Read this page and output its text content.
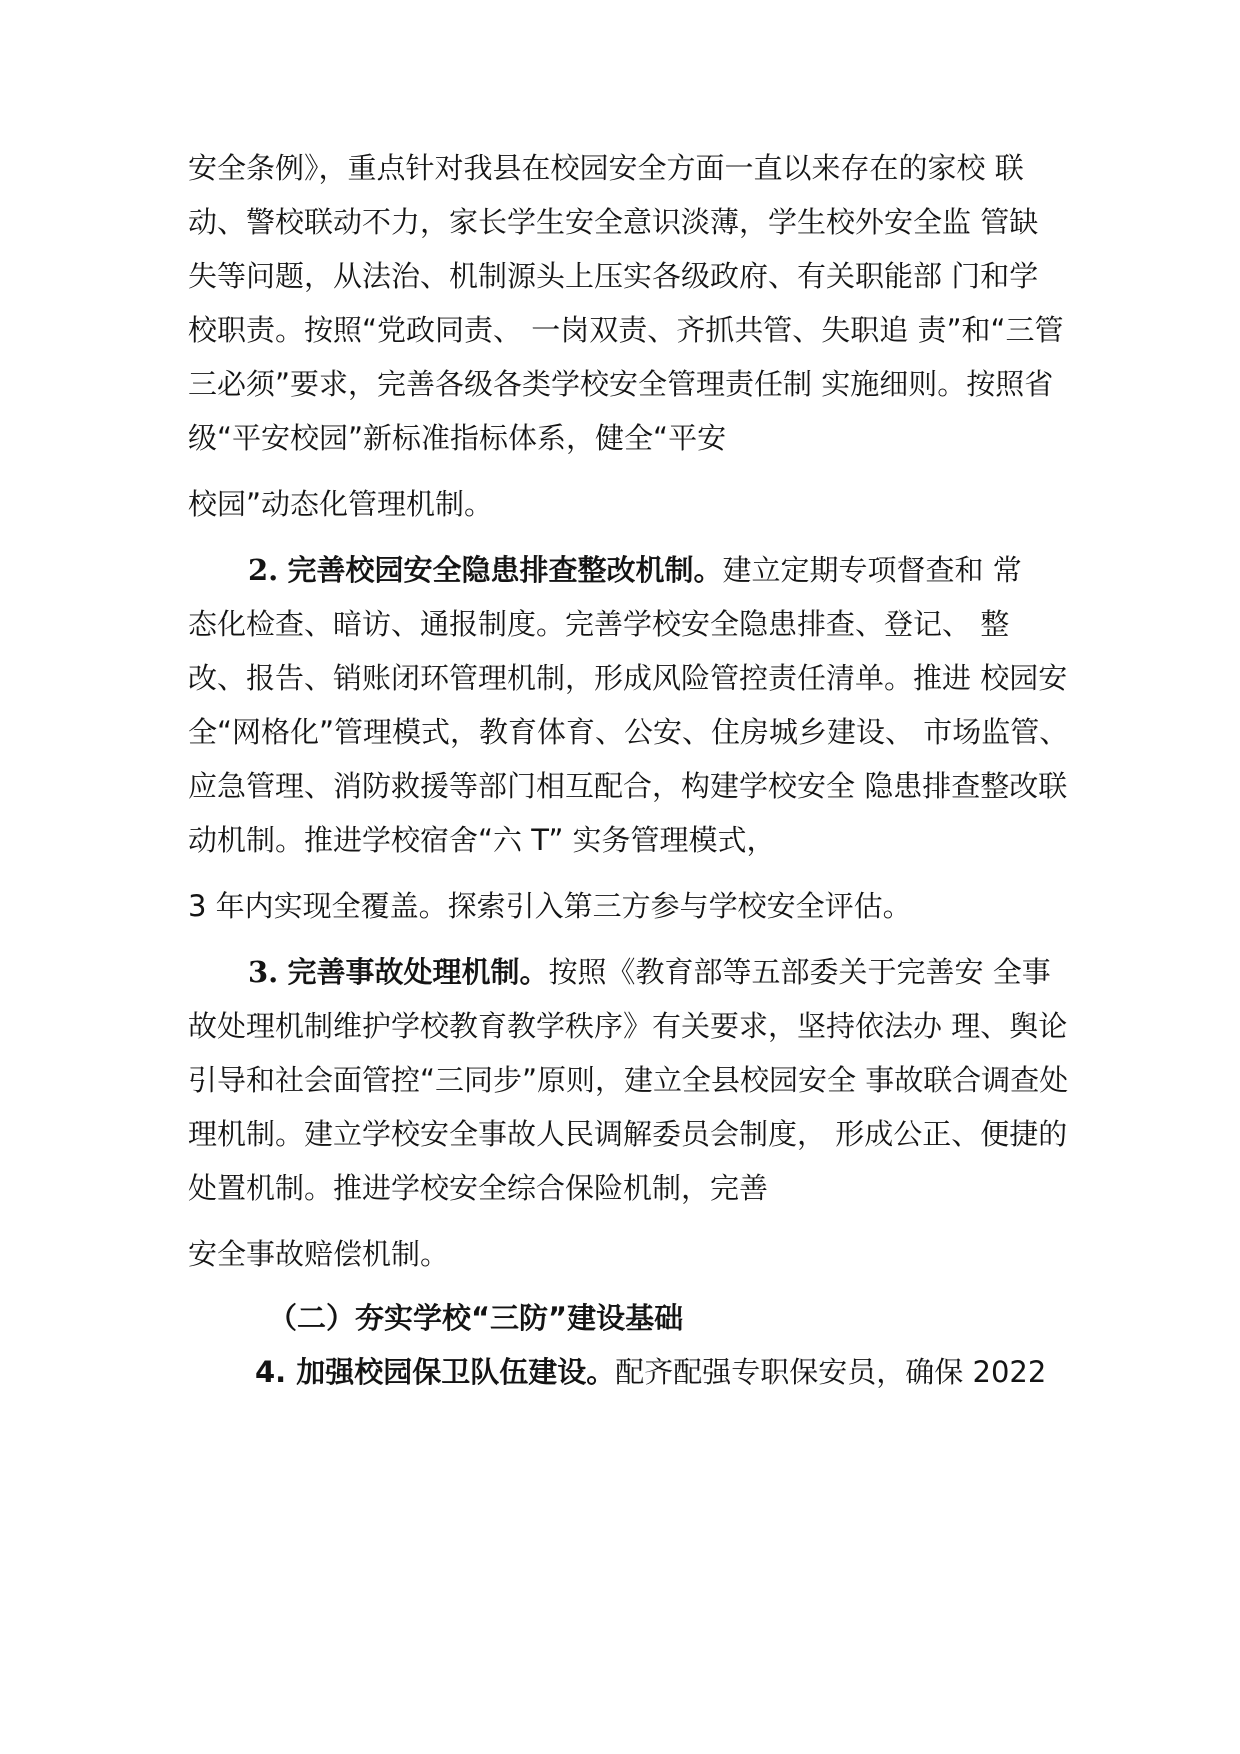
安全条例》，重点针对我县在校园安全方面一直以来存在的家校 联
动、警校联动不力，家长学生安全意识淡薄，学生校外安全监 管缺
失等问题，从法治、机制源头上压实各级政府、有关职能部 门和学
校职责。按照“党政同责、 一岗双责、齐抓共管、失职追 责”和“三管
三必须”要求，完善各级各类学校安全管理责任制 实施细则。按照省
级“平安校园”新标准指标体系，健全“平安
校园”动态化管理机制。
2. 完善校园安全隐患排查整改机制。建立定期专项督查和 常
态化检查、暗访、通报制度。完善学校安全隐患排查、登记、 整
改、报告、销账闭环管理机制，形成风险管控责任清单。推进 校园安
全“网格化”管理模式，教育体育、公安、住房城乡建设、 市场监管、
应急管理、消防救援等部门相互配合，构建学校安全 隐患排查整改联
动机制。推进学校宿舍“六 T” 实务管理模式，
3 年内实现全覆盖。探索引入第三方参与学校安全评估。
3. 完善事故处理机制。按照《教育部等五部委关于完善安 全事
故处理机制维护学校教育教学秩序》有关要求，坚持依法办 理、舆论
引导和社会面管控“三同步”原则，建立全县校园安全 事故联合调查处
理机制。建立学校安全事故人民调解委员会制度， 形成公正、便捷的
处置机制。推进学校安全综合保险机制，完善
安全事故赔偿机制。
（二）夯实学校“三防”建设基础
4. 加强校园保卫队伍建设。配齐配强专职保安员，确保 2022
